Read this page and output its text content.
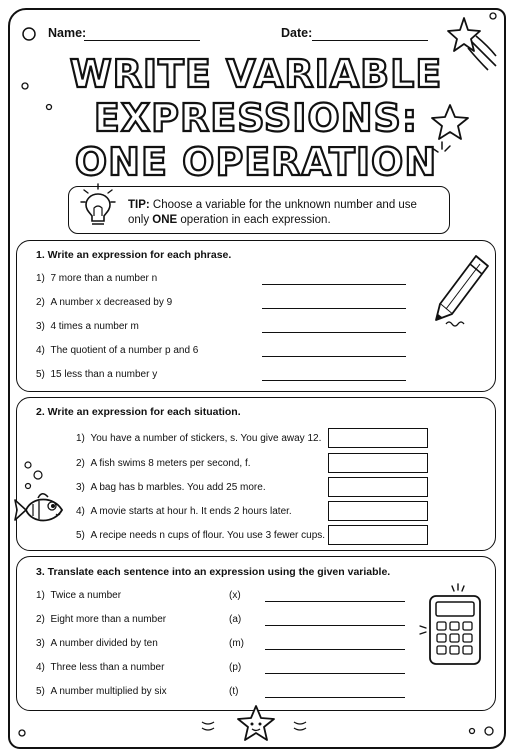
Name:	Date:
WRITE VARIABLE
EXPRESSIONS:
ONE OPERATION
TIP: Choose a variable for the unknown number and use only ONE operation in each expression.
1. Write an expression for each phrase.
1) 7 more than a number n
2) A number x decreased by 9
3) 4 times a number m
4) The quotient of a number p and 6
5) 15 less than a number y
2. Write an expression for each situation.
1) You have a number of stickers, s. You give away 12.
2) A fish swims 8 meters per second, f.
3) A bag has b marbles. You add 25 more.
4) A movie starts at hour h. It ends 2 hours later.
5) A recipe needs n cups of flour. You use 3 fewer cups.
3. Translate each sentence into an expression using the given variable.
1) Twice a number	(x)
2) Eight more than a number	(a)
3) A number divided by ten	(m)
4) Three less than a number	(p)
5) A number multiplied by six	(t)
